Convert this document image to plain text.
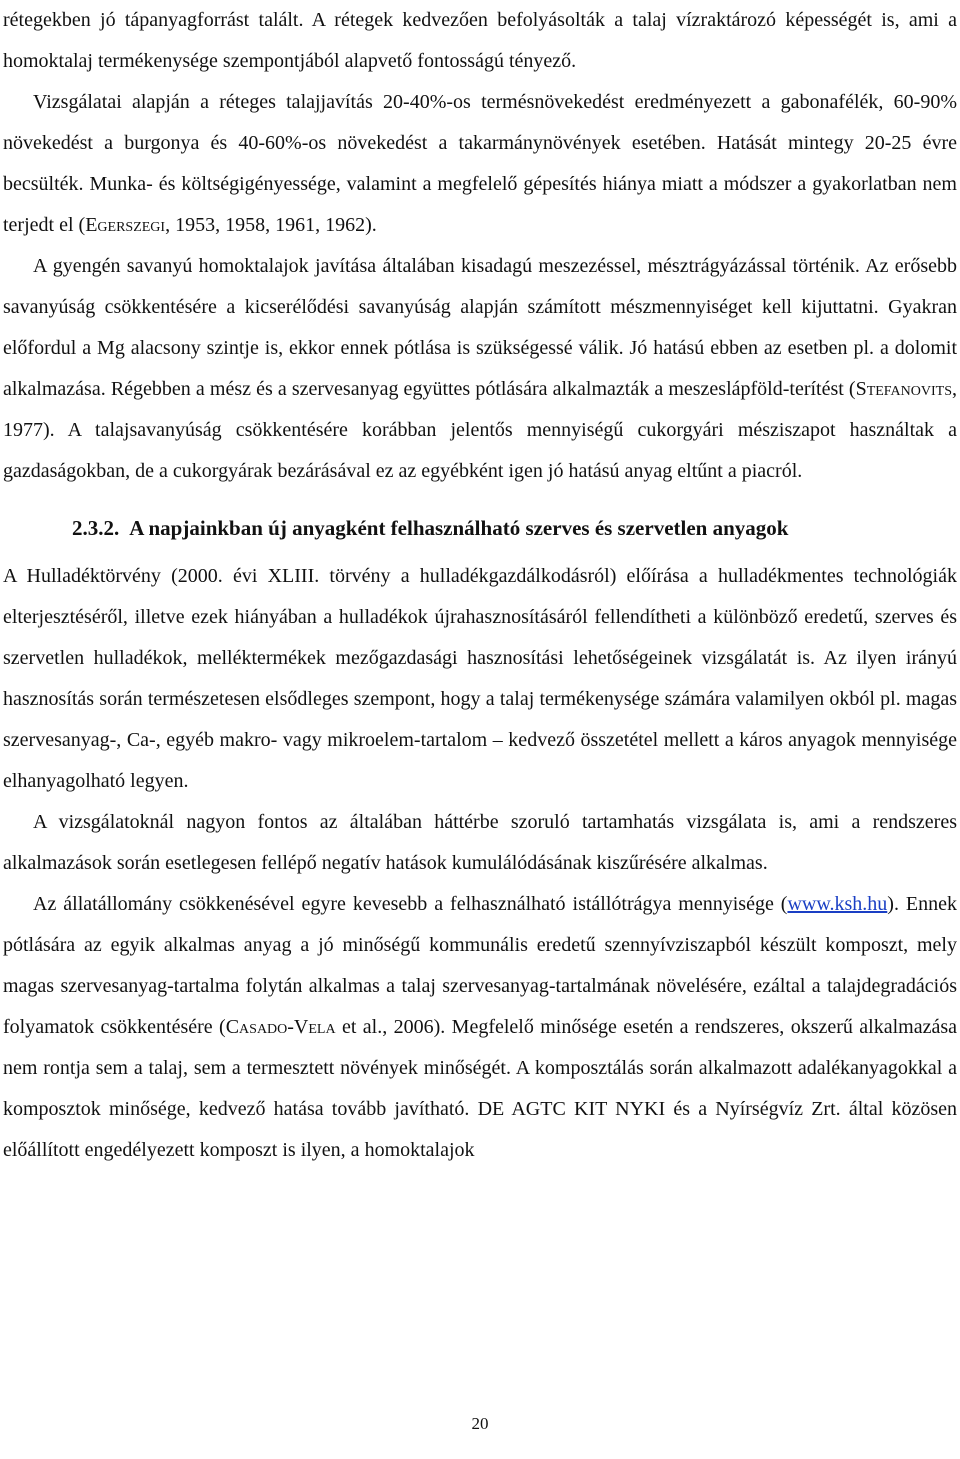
rétegekben jó tápanyagforrást talált. A rétegek kedvezően befolyásolták a talaj vízraktározó képességét is, ami a homoktalaj termékenysége szempontjából alapvető fontosságú tényező.

Vizsgálatai alapján a réteges talajjavítás 20-40%-os termésnövekedést eredményezett a gabonafélék, 60-90% növekedést a burgonya és 40-60%-os növekedést a takarmánynövények esetében. Hatását mintegy 20-25 évre becsülték. Munka- és költségigényessége, valamint a megfelelő gépesítés hiánya miatt a módszer a gyakorlatban nem terjedt el (Egerszegi, 1953, 1958, 1961, 1962).

A gyengén savanyú homoktalajok javítása általában kisadagú meszezéssel, mésztrágyázással történik. Az erősebb savanyúság csökkentésére a kicserélődési savanyúság alapján számított mészmennyiséget kell kijuttatni. Gyakran előfordul a Mg alacsony szintje is, ekkor ennek pótlása is szükségessé válik. Jó hatású ebben az esetben pl. a dolomit alkalmazása. Régebben a mész és a szervesanyag együttes pótlására alkalmazták a meszeslápföld-terítést (Stefanovits, 1977). A talajsavanyúság csökkentésére korábban jelentős mennyiségű cukorgyári mésziszapot használtak a gazdaságokban, de a cukorgyárak bezárásával ez az egyébként igen jó hatású anyag eltűnt a piacról.

2.3.2. A napjainkban új anyagként felhasználható szerves és szervetlen anyagok

A Hulladéktörvény (2000. évi XLIII. törvény a hulladékgazdálkodásról) előírása a hulladékmentes technológiák elterjesztéséről, illetve ezek hiányában a hulladékok újrahasznosításáról fellendítheti a különböző eredetű, szerves és szervetlen hulladékok, melléktermékek mezőgazdasági hasznosítási lehetőségeinek vizsgálatát is. Az ilyen irányú hasznosítás során természetesen elsődleges szempont, hogy a talaj termékenysége számára valamilyen okból pl. magas szervesanyag-, Ca-, egyéb makro- vagy mikroelem-tartalom – kedvező összetétel mellett a káros anyagok mennyisége elhanyagolható legyen.

A vizsgálatoknál nagyon fontos az általában háttérbe szoruló tartamhatás vizsgálata is, ami a rendszeres alkalmazások során esetlegesen fellépő negatív hatások kumulálódásának kiszűrésére alkalmas.

Az állatállomány csökkenésével egyre kevesebb a felhasználható istállótrágya mennyisége (www.ksh.hu). Ennek pótlására az egyik alkalmas anyag a jó minőségű kommunális eredetű szennyívziszapból készült komposzt, mely magas szervesanyag-tartalma folytán alkalmas a talaj szervesanyag-tartalmának növelésére, ezáltal a talajdegradációs folyamatok csökkentésére (Casado-Vela et al., 2006). Megfelelő minősége esetén a rendszeres, okszerű alkalmazása nem rontja sem a talaj, sem a termesztett növények minőségét. A komposztálás során alkalmazott adalékanyagokkal a komposztok minősége, kedvező hatása tovább javítható. DE AGTC KIT NYKI és a Nyírségvíz Zrt. által közösen előállított engedélyezett komposzt is ilyen, a homoktalajok

20
